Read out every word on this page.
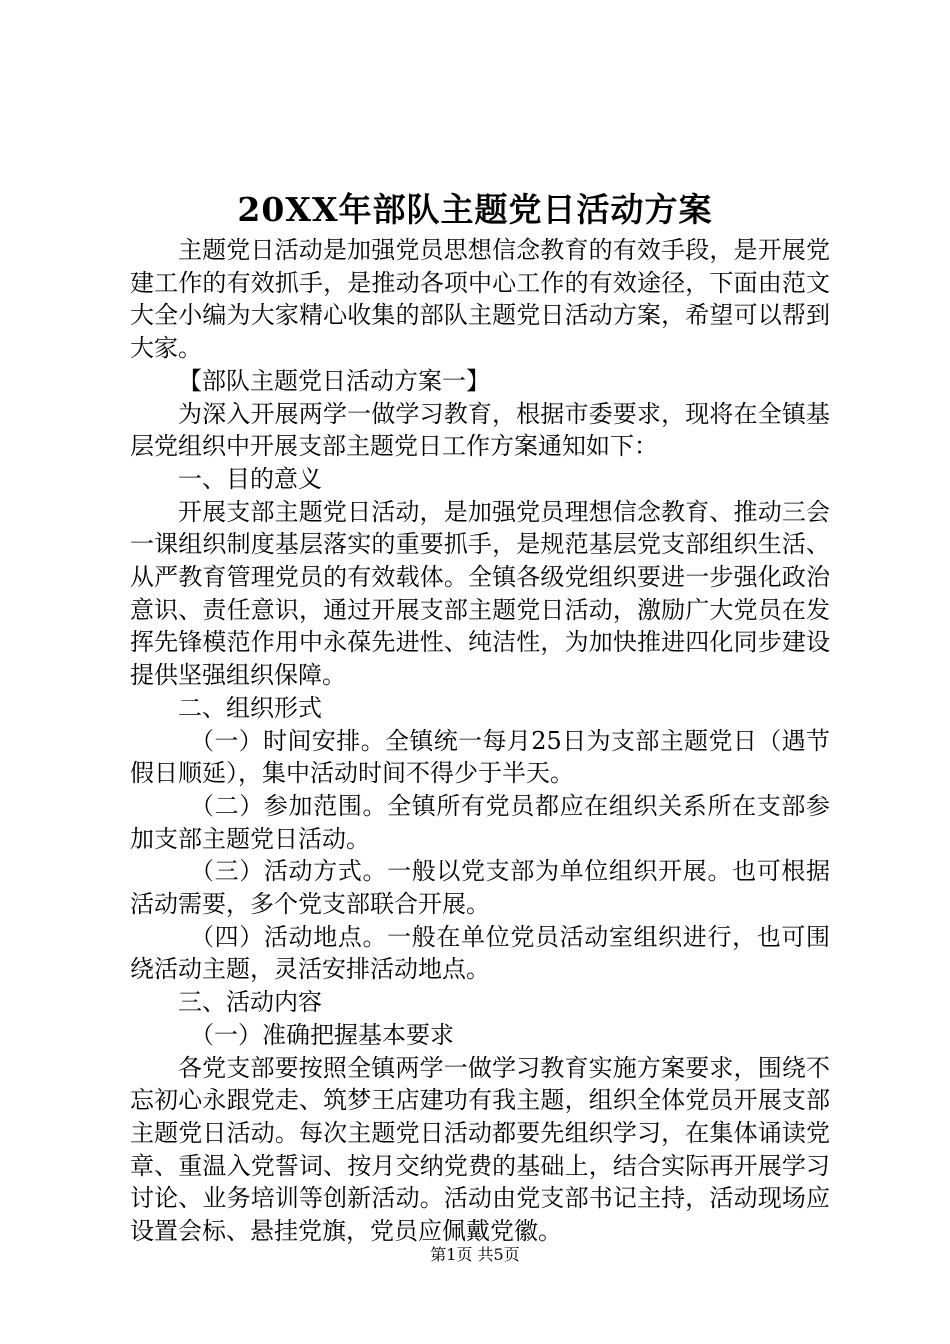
20XX年部队主题党日活动方案

主题党日活动是加强党员思想信念教育的有效手段，是开展党建工作的有效抓手，是推动各项中心工作的有效途径，下面由范文大全小编为大家精心收集的部队主题党日活动方案，希望可以帮到大家。

【部队主题党日活动方案一】

为深入开展两学一做学习教育，根据市委要求，现将在全镇基层党组织中开展支部主题党日工作方案通知如下：

一、目的意义

开展支部主题党日活动，是加强党员理想信念教育、推动三会一课组织制度基层落实的重要抓手，是规范基层党支部组织生活、从严教育管理党员的有效载体。全镇各级党组织要进一步强化政治意识、责任意识，通过开展支部主题党日活动，激励广大党员在发挥先锋模范作用中永葆先进性、纯洁性，为加快推进四化同步建设提供坚强组织保障。

二、组织形式

（一）时间安排。全镇统一每月25日为支部主题党日（遇节假日顺延），集中活动时间不得少于半天。

（二）参加范围。全镇所有党员都应在组织关系所在支部参加支部主题党日活动。

（三）活动方式。一般以党支部为单位组织开展。也可根据活动需要，多个党支部联合开展。

（四）活动地点。一般在单位党员活动室组织进行，也可围绕活动主题，灵活安排活动地点。

三、活动内容

（一）准确把握基本要求

各党支部要按照全镇两学一做学习教育实施方案要求，围绕不忘初心永跟党走、筑梦王店建功有我主题，组织全体党员开展支部主题党日活动。每次主题党日活动都要先组织学习，在集体诵读党章、重温入党誓词、按月交纳党费的基础上，结合实际再开展学习讨论、业务培训等创新活动。活动由党支部书记主持，活动现场应设置会标、悬挂党旗，党员应佩戴党徽。

第1页 共5页
